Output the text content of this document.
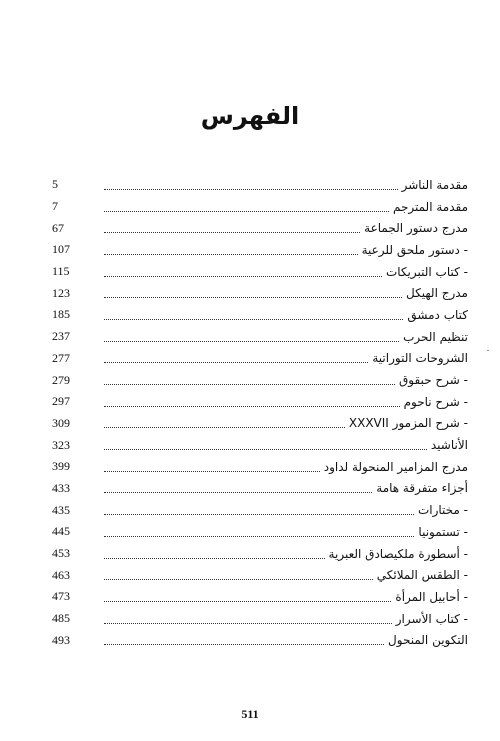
الفهرس
5	مقدمة الناشر
7	مقدمة المترجم
67	مدرج دستور الجماعة
107	- دستور ملحق للرعية
115	- كتاب التبريكات
123	مدرج الهيكل
185	كتاب دمشق
237	تنظيم الحرب
277	الشروحات التوراتية
279	- شرح حبقوق
297	- شرح ناحوم
309	- شرح المزمور XXXVII
323	الأناشيد
399	مدرج المزامير المنحولة لداود
433	أجزاء متفرقة هامة
435	- مختارات
445	- تستمونيا
453	- أسطورة ملكيصادق العبرية
463	- الطقس الملائكي
473	- أحابيل المرأة
485	- كتاب الأسرار
493	التكوين المنحول
511
